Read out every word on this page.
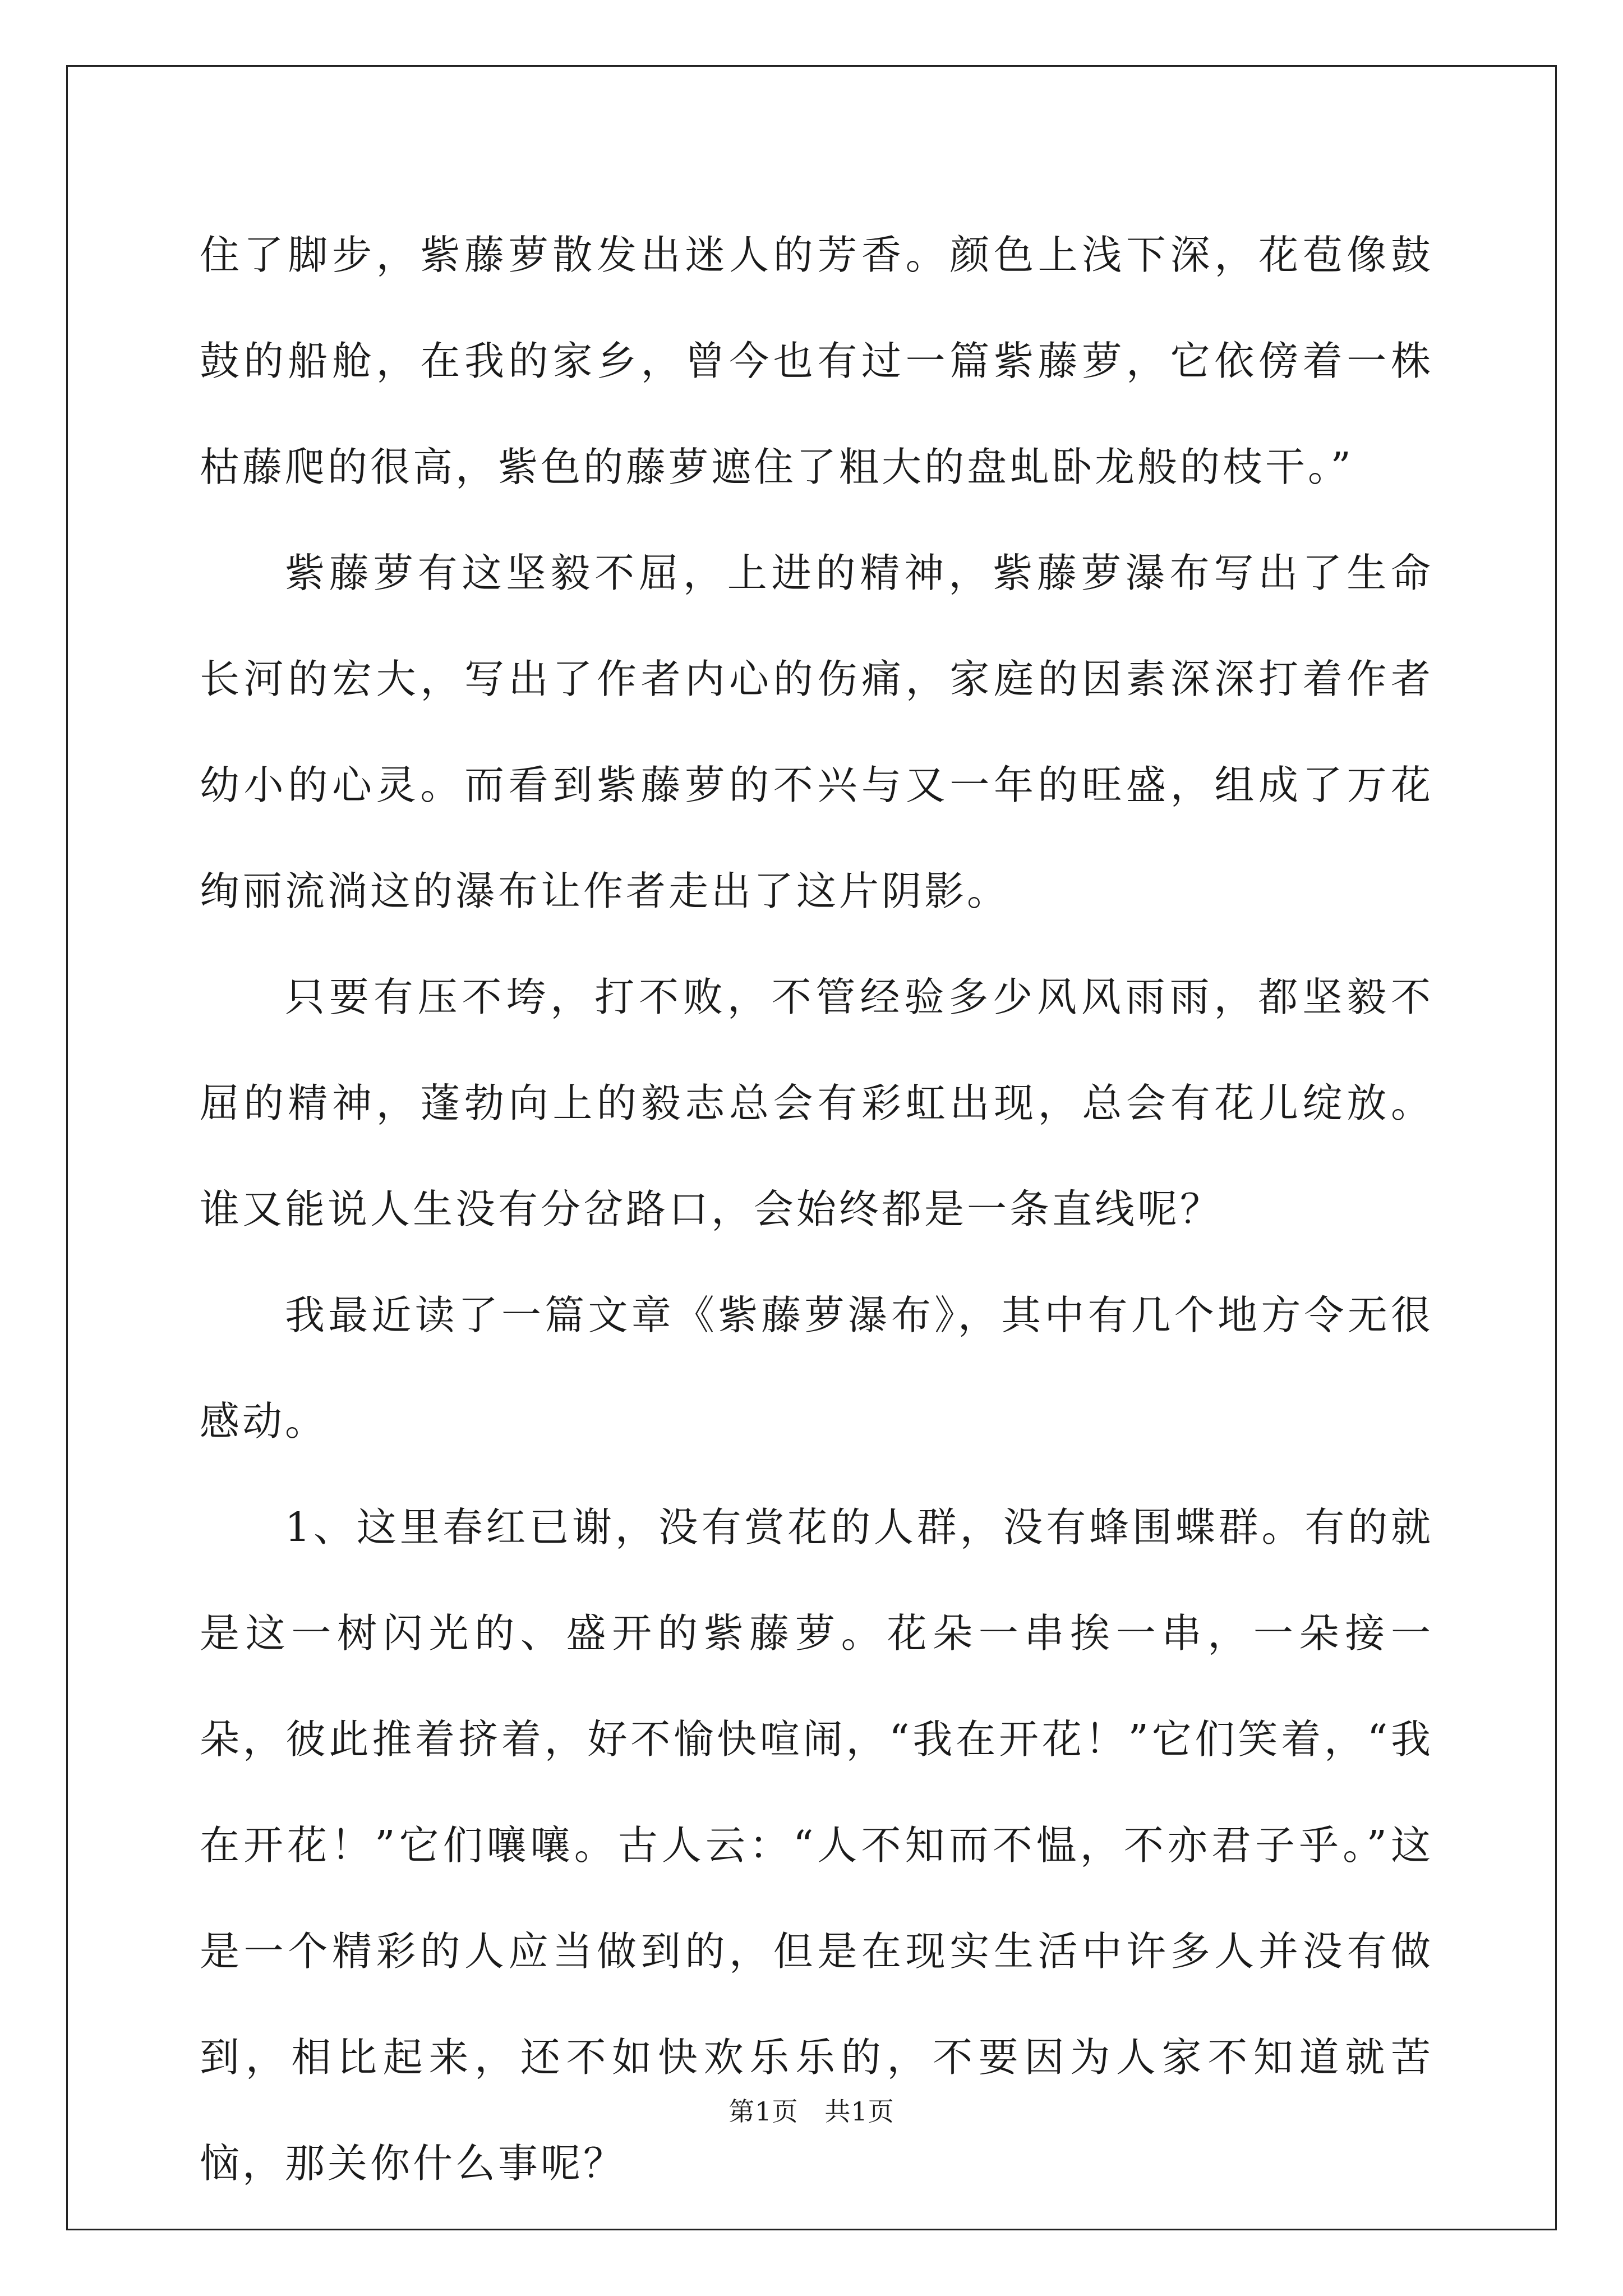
住了脚步，紫藤萝散发出迷人的芳香。颜色上浅下深，花苞像鼓鼓的船舱，在我的家乡，曾今也有过一篇紫藤萝，它依傍着一株枯藤爬的很高，紫色的藤萝遮住了粗大的盘虬卧龙般的枝干。”

紫藤萝有这坚毅不屈，上进的精神，紫藤萝瀑布写出了生命长河的宏大，写出了作者内心的伤痛，家庭的因素深深打着作者幼小的心灵。而看到紫藤萝的不兴与又一年的旺盛，组成了万花绚丽流淌这的瀑布让作者走出了这片阴影。

只要有压不垮，打不败，不管经验多少风风雨雨，都坚毅不屈的精神，蓬勃向上的毅志总会有彩虹出现，总会有花儿绽放。谁又能说人生没有分岔路口，会始终都是一条直线呢？

我最近读了一篇文章《紫藤萝瀑布》，其中有几个地方令无很感动。

1、这里春红已谢，没有赏花的人群，没有蜂围蝶群。有的就是这一树闪光的、盛开的紫藤萝。花朵一串挨一串，一朵接一朵，彼此推着挤着，好不愉快喧闹，“我在开花！”它们笑着，“我在开花！”它们嚷嚷。古人云：“人不知而不愠，不亦君子乎。”这是一个精彩的人应当做到的，但是在现实生活中许多人并没有做到，相比起来，还不如快欢乐乐的，不要因为人家不知道就苦恼，那关你什么事呢？

第1页   共1页
